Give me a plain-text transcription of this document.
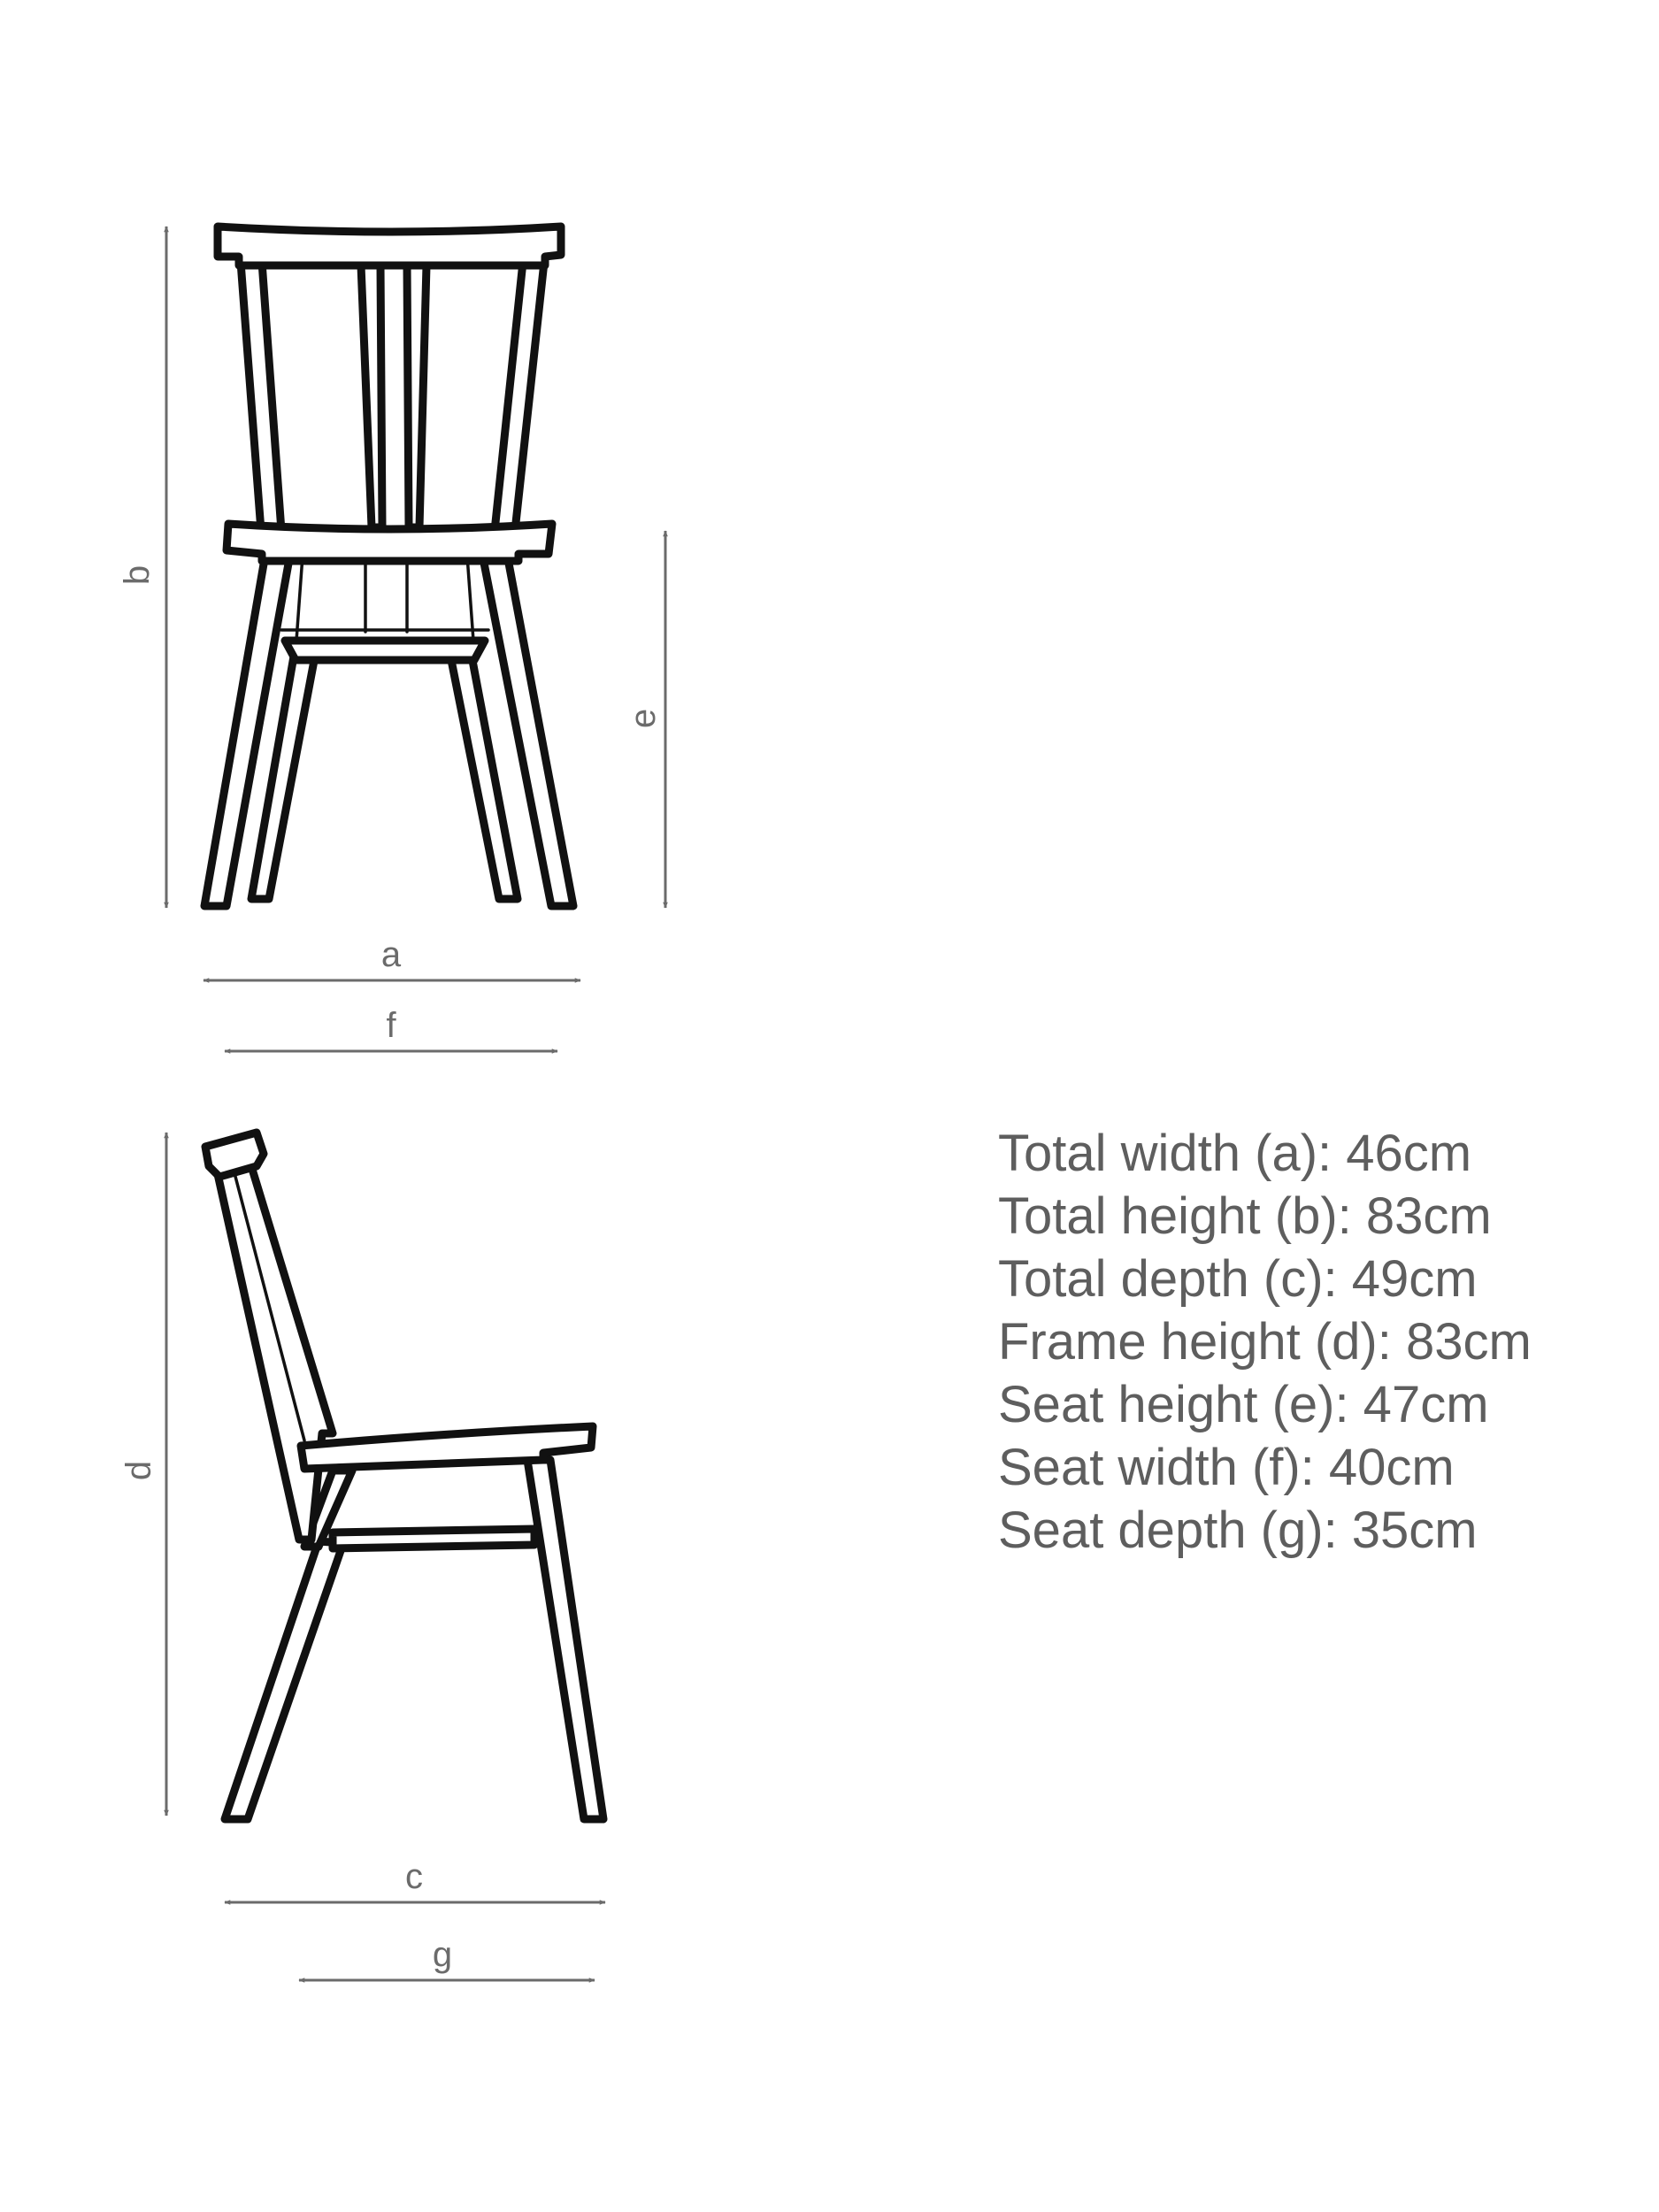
b
e
a
f
d
c
g
Total width (a): 46cm
Total height (b): 83cm
Total depth (c): 49cm
Frame height (d): 83cm
Seat height (e): 47cm
Seat width (f): 40cm
Seat depth (g): 35cm
